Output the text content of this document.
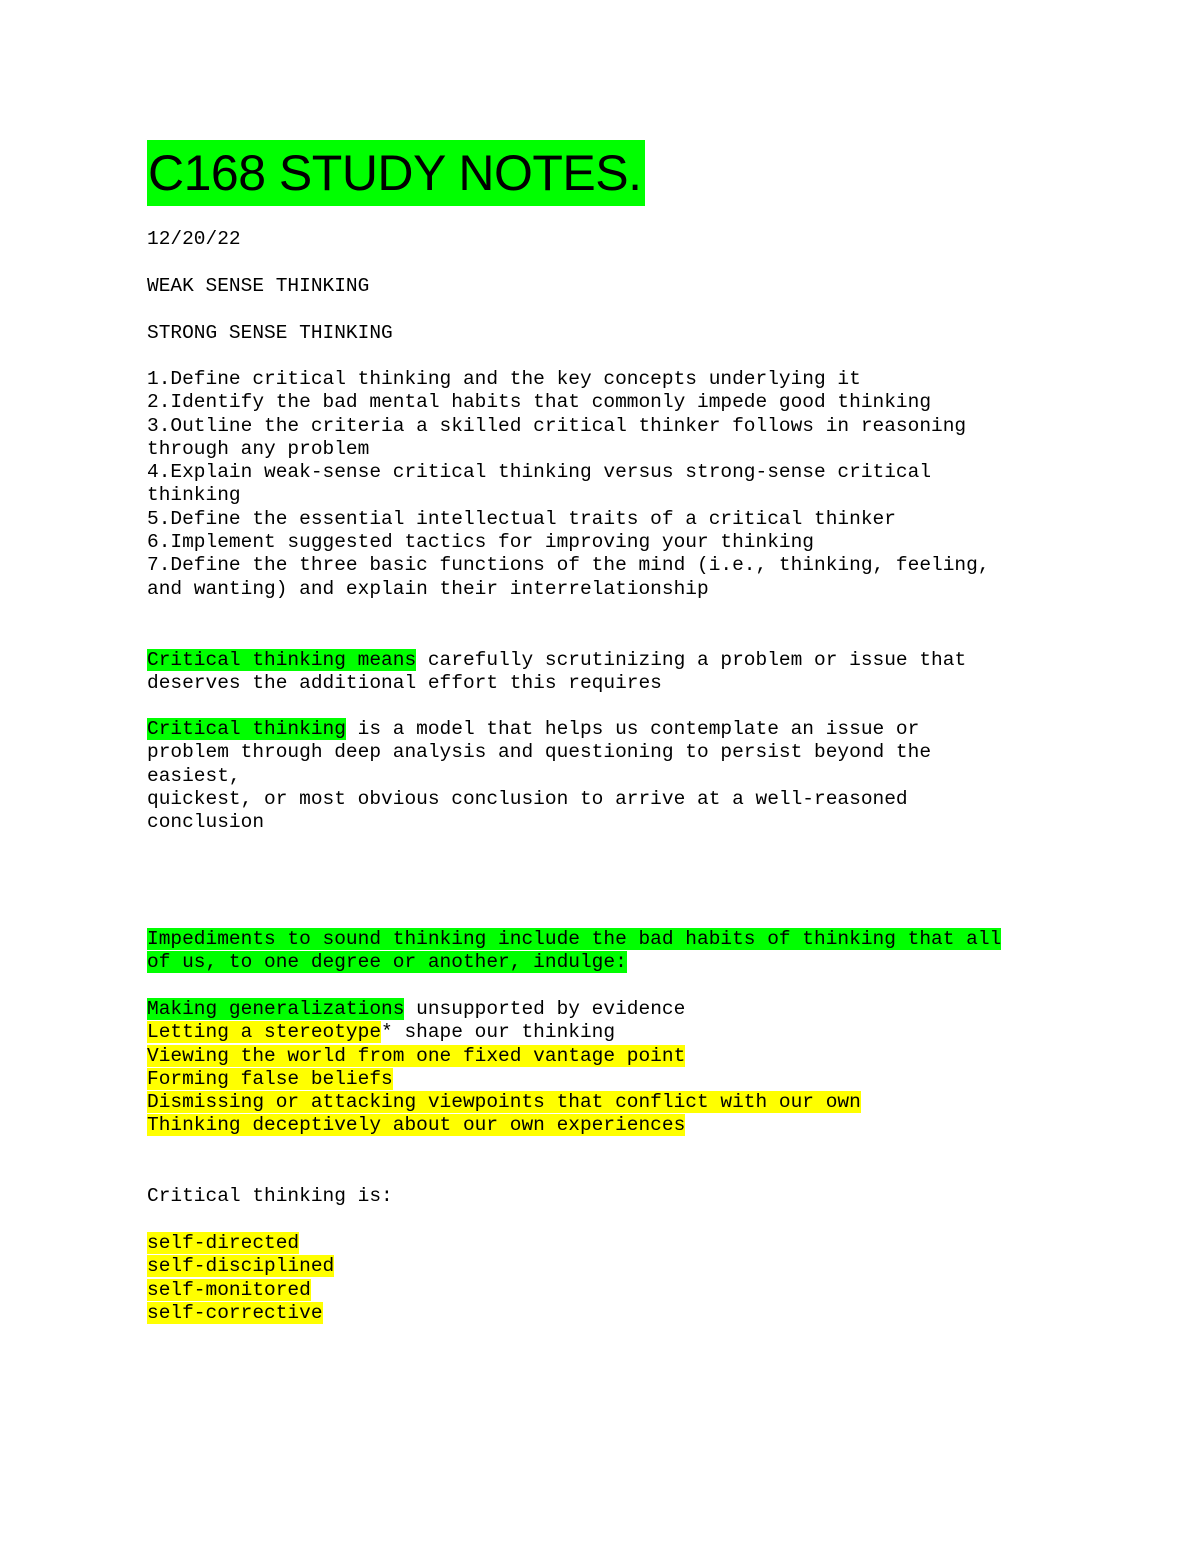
C168 STUDY NOTES.
12/20/22
WEAK SENSE THINKING
STRONG SENSE THINKING
1.Define critical thinking and the key concepts underlying it
2.Identify the bad mental habits that commonly impede good thinking
3.Outline the criteria a skilled critical thinker follows in reasoning
through any problem
4.Explain weak-sense critical thinking versus strong-sense critical
thinking
5.Define the essential intellectual traits of a critical thinker
6.Implement suggested tactics for improving your thinking
7.Define the three basic functions of the mind (i.e., thinking, feeling,
and wanting) and explain their interrelationship
Critical thinking means carefully scrutinizing a problem or issue that
deserves the additional effort this requires
Critical thinking is a model that helps us contemplate an issue or
problem through deep analysis and questioning to persist beyond the
easiest,
quickest, or most obvious conclusion to arrive at a well-reasoned
conclusion
Impediments to sound thinking include the bad habits of thinking that all
of us, to one degree or another, indulge:
Making generalizations unsupported by evidence
Letting a stereotype* shape our thinking
Viewing the world from one fixed vantage point
Forming false beliefs
Dismissing or attacking viewpoints that conflict with our own
Thinking deceptively about our own experiences
Critical thinking is:
self-directed
self-disciplined
self-monitored
self-corrective
